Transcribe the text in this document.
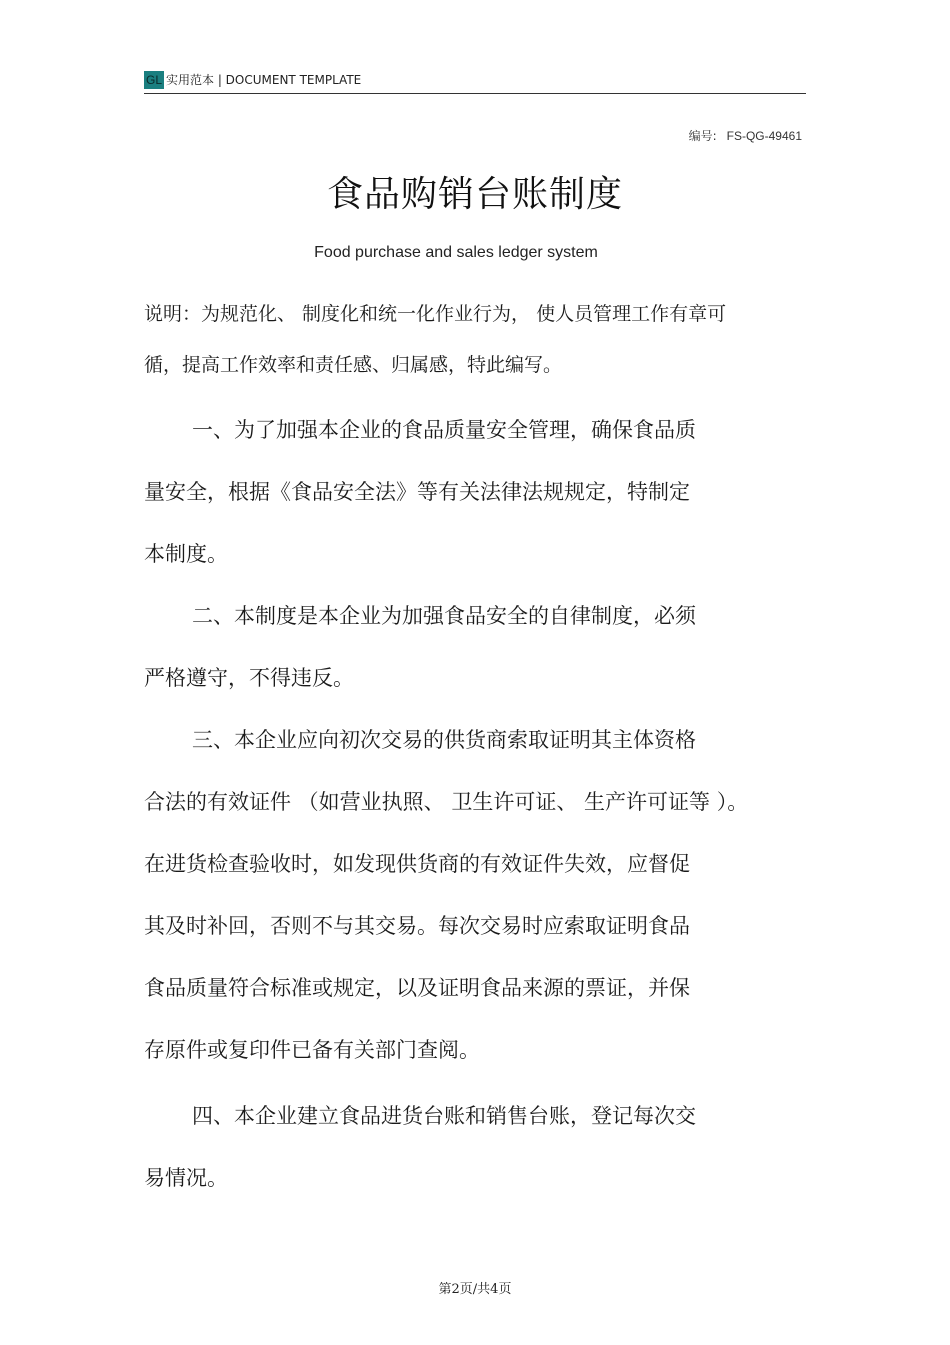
GL 实用范本 | DOCUMENT TEMPLATE
编号: FS-QG-49461
食品购销台账制度
Food purchase and sales ledger system
说明：为规范化、 制度化和统一化作业行为， 使人员管理工作有章可
循，提高工作效率和责任感、归属感，特此编写。
一、为了加强本企业的食品质量安全管理，确保食品质
量安全，根据《食品安全法》等有关法律法规规定，特制定
本制度。
二、本制度是本企业为加强食品安全的自律制度，必须
严格遵守，不得违反。
三、本企业应向初次交易的供货商索取证明其主体资格
合法的有效证件 （如营业执照、 卫生许可证、 生产许可证等 ）。
在进货检查验收时，如发现供货商的有效证件失效，应督促
其及时补回，否则不与其交易。每次交易时应索取证明食品
食品质量符合标准或规定，以及证明食品来源的票证，并保
存原件或复印件已备有关部门查阅。
四、本企业建立食品进货台账和销售台账，登记每次交
易情况。
第2页/共4页
